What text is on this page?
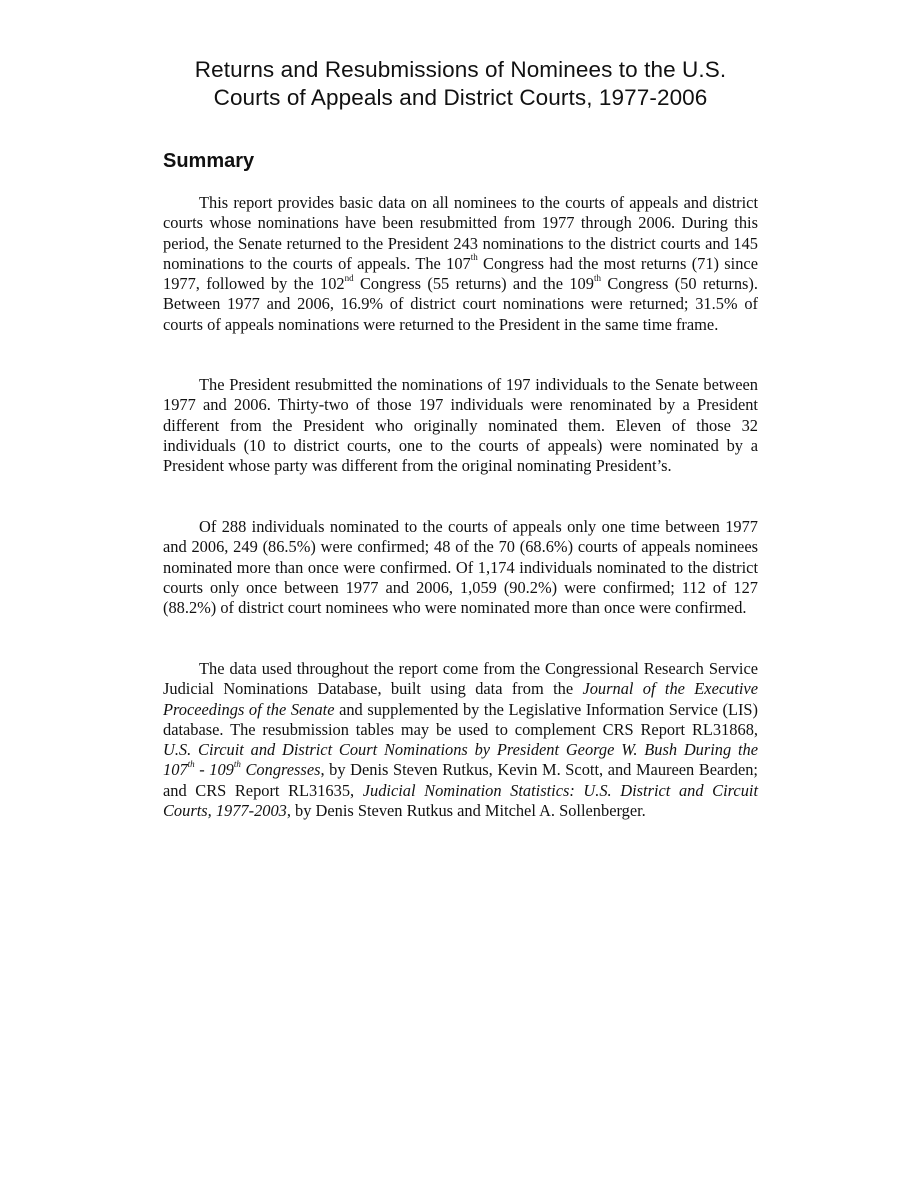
Returns and Resubmissions of Nominees to the U.S.
Courts of Appeals and District Courts, 1977-2006
Summary

This report provides basic data on all nominees to the courts of appeals and district courts whose nominations have been resubmitted from 1977 through 2006. During this period, the Senate returned to the President 243 nominations to the district courts and 145 nominations to the courts of appeals. The 107th Congress had the most returns (71) since 1977, followed by the 102nd Congress (55 returns) and the 109th Congress (50 returns). Between 1977 and 2006, 16.9% of district court nominations were returned; 31.5% of courts of appeals nominations were returned to the President in the same time frame.

The President resubmitted the nominations of 197 individuals to the Senate between 1977 and 2006. Thirty-two of those 197 individuals were renominated by a President different from the President who originally nominated them. Eleven of those 32 individuals (10 to district courts, one to the courts of appeals) were nominated by a President whose party was different from the original nominating President’s.

Of 288 individuals nominated to the courts of appeals only one time between 1977 and 2006, 249 (86.5%) were confirmed; 48 of the 70 (68.6%) courts of appeals nominees nominated more than once were confirmed. Of 1,174 individuals nominated to the district courts only once between 1977 and 2006, 1,059 (90.2%) were confirmed; 112 of 127 (88.2%) of district court nominees who were nominated more than once were confirmed.

The data used throughout the report come from the Congressional Research Service Judicial Nominations Database, built using data from the Journal of the Executive Proceedings of the Senate and supplemented by the Legislative Information Service (LIS) database. The resubmission tables may be used to complement CRS Report RL31868, U.S. Circuit and District Court Nominations by President George W. Bush During the 107th - 109th Congresses, by Denis Steven Rutkus, Kevin M. Scott, and Maureen Bearden; and CRS Report RL31635, Judicial Nomination Statistics: U.S. District and Circuit Courts, 1977-2003, by Denis Steven Rutkus and Mitchel A. Sollenberger.
